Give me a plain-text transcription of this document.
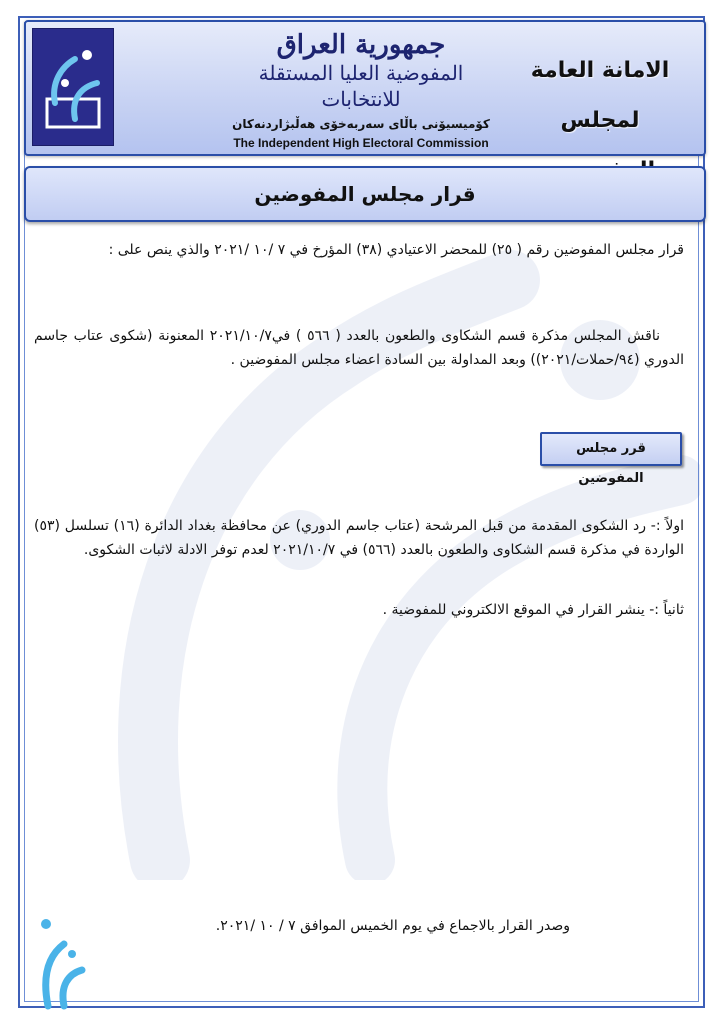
جمهورية العراق
المفوضية العليا المستقلة للانتخابات
كۆمیسیۆنی باڵای سەربەخۆی هەڵبژاردنەکان
The Independent High Electoral Commission
الامانة العامة
لمجلس
قرار مجلس المفوضين
قرار مجلس المفوضين رقم ( ٢٥) للمحضر الاعتيادي (٣٨) المؤرخ في ٧ /١٠ /٢٠٢١ والذي ينص على :
ناقش المجلس مذكرة قسم الشكاوى والطعون بالعدد ( ٥٦٦ ) في٢٠٢١/١٠/٧ المعنونة (شكوى عتاب جاسم الدوري (٩٤/حملات/٢٠٢١)) وبعد المداولة بين السادة اعضاء مجلس المفوضين .
قرر مجلس المفوضين
اولاً :- رد الشكوى المقدمة من قبل المرشحة (عتاب جاسم الدوري) عن محافظة بغداد الدائرة (١٦) تسلسل (٥٣) الواردة في مذكرة قسم الشكاوى والطعون بالعدد (٥٦٦) في ٢٠٢١/١٠/٧ لعدم توفر الادلة لاثبات الشكوى.
ثانياً :- ينشر القرار في الموقع الالكتروني للمفوضية .
وصدر القرار بالاجماع في يوم الخميس الموافق ٧ / ١٠ /٢٠٢١.
